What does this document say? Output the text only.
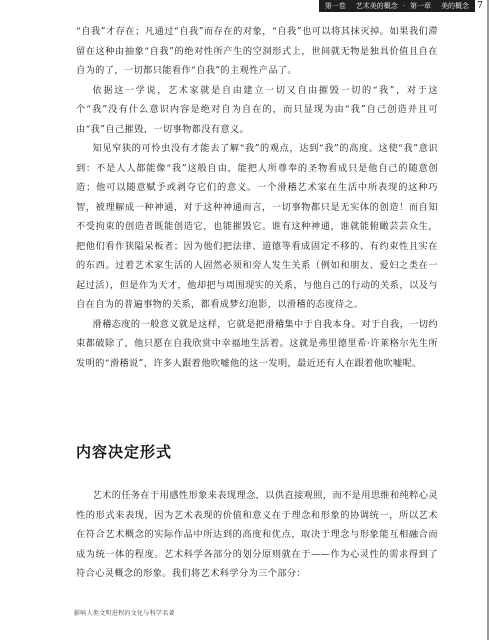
第一卷 艺术美的概念 · 第一章 美的概念 7

“自我”才存在；凡通过“自我”而存在的对象，“自我”也可以将其抹灭掉。如果我们滞留在这种由抽象“自我”的绝对性所产生的空洞形式上，世间就无物是独具价值且自在自为的了，一切都只能看作“自我”的主观性产品了。

依据这一学说，艺术家就是自由建立一切又自由摧毁一切的“我”，对于这个“我”没有什么意识内容是绝对自为自在的，而只显现为由“我”自己创造并且可由“我”自己摧毁，一切事物都没有意义。

知见窄狭的可怜虫没有才能去了解“我”的观点，达到“我”的高度。这使“我”意识到：不是人人都能像“我”这般自由，能把人所尊奉的圣物看成只是他自己的随意创造；他可以随意赋予或剥夺它们的意义。一个滑稽艺术家在生活中所表现的这种巧智，被理解成一种神通，对于这种神通而言，一切事物都只是无实体的创造！而自知不受拘束的创造者既能创造它，也能摧毁它。谁有这种神通，谁就能俯瞰芸芸众生，把他们看作狭隘呆板者；因为他们把法律、道德等看成固定不移的、有约束性且实在的东西。过着艺术家生活的人固然必须和旁人发生关系（例如和朋友、爱妇之类在一起过活），但是作为天才，他却把与周围现实的关系，与他自己的行动的关系，以及与自在自为的普遍事物的关系，都看成梦幻泡影，以滑稽的态度待之。

滑稽态度的一般意义就是这样，它就是把滑稽集中于自我本身。对于自我，一切约束都破除了，他只愿在自我欣赏中幸福地生活着。这就是弗里德里希·许莱格尔先生所发明的“滑稽说”，许多人跟着他吹嘘他的这一发明，最近还有人在跟着他吹嘘呢。

内容决定形式

艺术的任务在于用感性形象来表现理念，以供直接观照，而不是用思维和纯粹心灵性的形式来表现，因为艺术表现的价值和意义在于理念和形象的协调统一，所以艺术在符合艺术概念的实际作品中所达到的高度和优点，取决于理念与形象能互相融合而成为统一体的程度。艺术科学各部分的划分原则就在于——作为心灵性的需求得到了符合心灵概念的形象。我们将艺术科学分为三个部分：

影响人类文明进程的文化与科学名著
